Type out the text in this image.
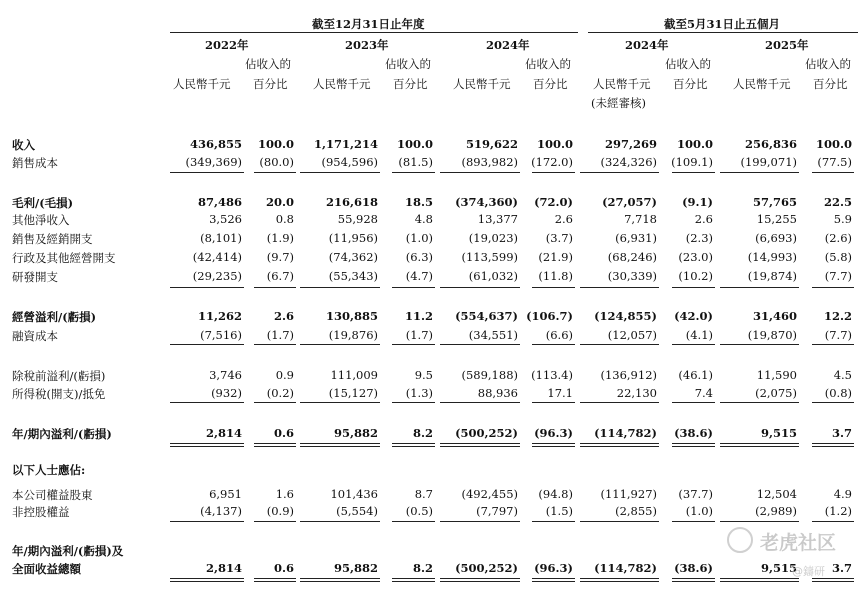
截至12月31日止年度	截至5月31日止五個月
2022年	2023年	2024年	2024年	2025年
佔收入的	佔收入的	佔收入的	佔收入的	佔收入的
人民幣千元	人民幣千元	人民幣千元	人民幣千元	人民幣千元
百分比	百分比	百分比	百分比	百分比
(未經審核)
收入	436,855	100.0	1,171,214	100.0	519,622	100.0	297,269	100.0	256,836	100.0
銷售成本	(349,369)	(80.0)	(954,596)	(81.5)	(893,982)	(172.0)	(324,326)	(109.1)	(199,071)	(77.5)
毛利/(毛損)	87,486	20.0	216,618	18.5	(374,360)	(72.0)	(27,057)	(9.1)	57,765	22.5
其他淨收入	3,526	0.8	55,928	4.8	13,377	2.6	7,718	2.6	15,255	5.9
銷售及經銷開支	(8,101)	(1.9)	(11,956)	(1.0)	(19,023)	(3.7)	(6,931)	(2.3)	(6,693)	(2.6)
行政及其他經營開支	(42,414)	(9.7)	(74,362)	(6.3)	(113,599)	(21.9)	(68,246)	(23.0)	(14,993)	(5.8)
研發開支	(29,235)	(6.7)	(55,343)	(4.7)	(61,032)	(11.8)	(30,339)	(10.2)	(19,874)	(7.7)
經營溢利/(虧損)	11,262	2.6	130,885	11.2	(554,637) (106.7)	(124,855)	(42.0)	31,460	12.2
融資成本	(7,516)	(1.7)	(19,876)	(1.7)	(34,551)	(6.6)	(12,057)	(4.1)	(19,870)	(7.7)
除稅前溢利/(虧損)	3,746	0.9	111,009	9.5	(589,188)	(113.4)	(136,912)	(46.1)	11,590	4.5
所得稅(開支)/抵免	(932)	(0.2)	(15,127)	(1.3)	88,936	17.1	22,130	7.4	(2,075)	(0.8)
年/期內溢利/(虧損)	2,814	0.6	95,882	8.2	(500,252)	(96.3)	(114,782)	(38.6)	9,515	3.7
本公司權益股東	6,951	1.6	101,436	8.7	(492,455)	(94.8)	(111,927)	(37.7)	12,504	4.9
非控股權益	(4,137)	(0.9)	(5,554)	(0.5)	(7,797)	(1.5)	(2,855)	(1.0)	(2,989)	(1.2)
全面收益總額	2,814	0.6	95,882	8.2	(500,252)	(96.3)	(114,782)	(38.6)	9,515	3.7
以下人士應佔:
年/期內溢利/(虧損)及	老虎社区
@鑄研
